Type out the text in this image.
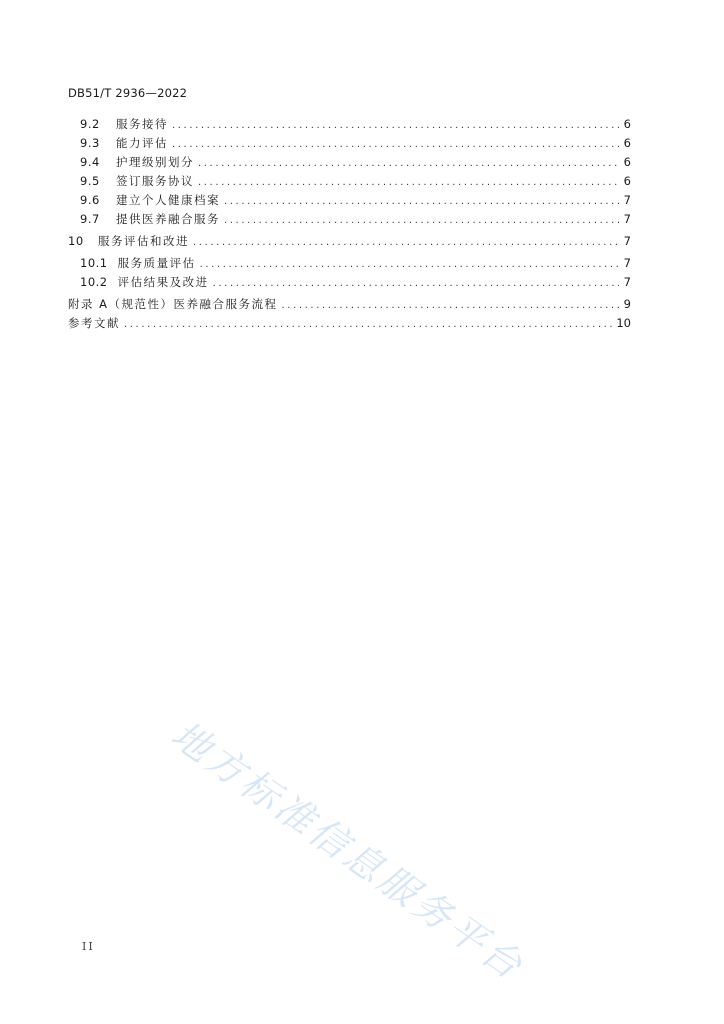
DB51/T 2936—2022
9.2	服务接待 .....	6
9.3	能力评估 .....	6
9.4	护理级别划分 .....	6
9.5	签订服务协议 .....	6
9.6	建立个人健康档案 .....	7
9.7	提供医养融合服务 .....	7
10	服务评估和改进 .....	7
10.1 服务质量评估 .....	7
10.2 评估结果及改进 .....	7
附录 A（规范性）医养融合服务流程 .....	9
参考文献 .....	10
地方标准信息服务平台
II
